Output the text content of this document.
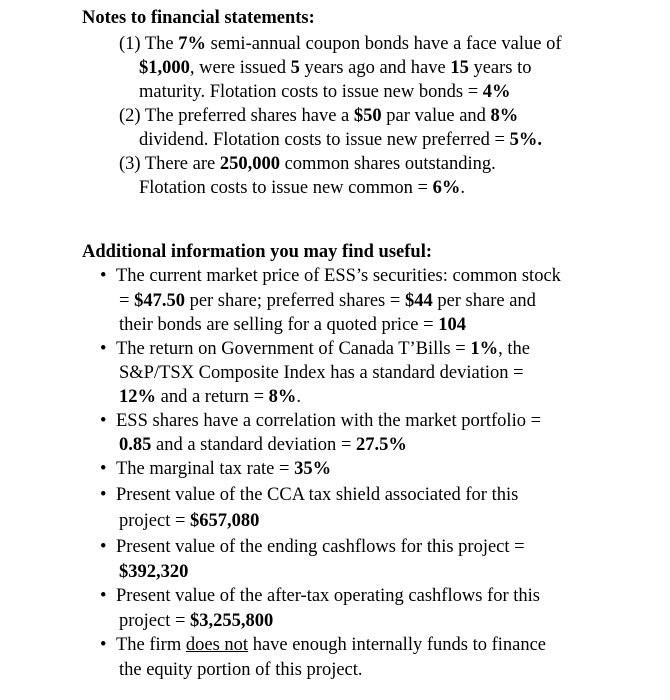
Notes to financial statements:
(1) The 7% semi-annual coupon bonds have a face value of
$1,000, were issued 5 years ago and have 15 years to
maturity. Flotation costs to issue new bonds = 4%
(2) The preferred shares have a $50 par value and 8%
dividend. Flotation costs to issue new preferred = 5%.
(3) There are 250,000 common shares outstanding.
Flotation costs to issue new common = 6%.
Additional information you may find useful:
• The current market price of ESS’s securities: common stock
= $47.50 per share; preferred shares = $44 per share and
their bonds are selling for a quoted price = 104
• The return on Government of Canada T’Bills = 1%, the
S&P/TSX Composite Index has a standard deviation =
12% and a return = 8%.
• ESS shares have a correlation with the market portfolio =
0.85 and a standard deviation = 27.5%
• The marginal tax rate = 35%
• Present value of the CCA tax shield associated for this
project = $657,080
• Present value of the ending cashflows for this project =
$392,320
• Present value of the after-tax operating cashflows for this
project = $3,255,800
• The firm does not have enough internally funds to finance
the equity portion of this project.
